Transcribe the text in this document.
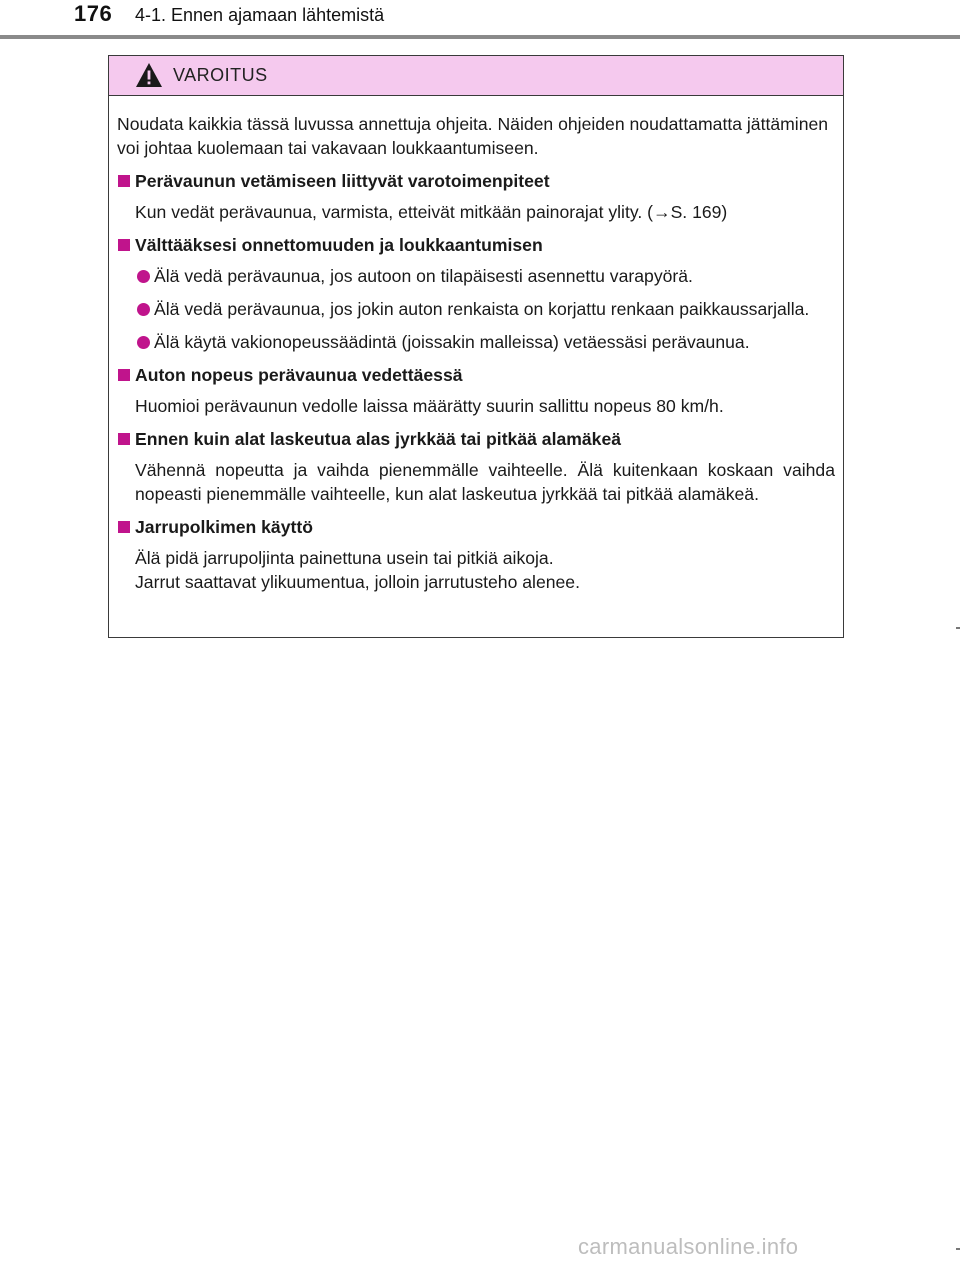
176 4-1. Ennen ajamaan lähtemistä
VAROITUS
Noudata kaikkia tässä luvussa annettuja ohjeita. Näiden ohjeiden noudattamatta jättäminen voi johtaa kuolemaan tai vakavaan loukkaantumiseen.
Perävaunun vetämiseen liittyvät varotoimenpiteet
Kun vedät perävaunua, varmista, etteivät mitkään painorajat ylity. (→S. 169)
Välttääksesi onnettomuuden ja loukkaantumisen
Älä vedä perävaunua, jos autoon on tilapäisesti asennettu varapyörä.
Älä vedä perävaunua, jos jokin auton renkaista on korjattu renkaan paikkaussarjalla.
Älä käytä vakionopeussäädintä (joissakin malleissa) vetäessäsi perävaunua.
Auton nopeus perävaunua vedettäessä
Huomioi perävaunun vedolle laissa määrätty suurin sallittu nopeus 80 km/h.
Ennen kuin alat laskeutua alas jyrkkää tai pitkää alamäkeä
Vähennä nopeutta ja vaihda pienemmälle vaihteelle. Älä kuitenkaan koskaan vaihda nopeasti pienemmälle vaihteelle, kun alat laskeutua jyrkkää tai pitkää alamäkeä.
Jarrupolkimen käyttö
Älä pidä jarrupoljinta painettuna usein tai pitkiä aikoja.
Jarrut saattavat ylikuumentua, jolloin jarrutusteho alenee.
carmanualsonline.info
